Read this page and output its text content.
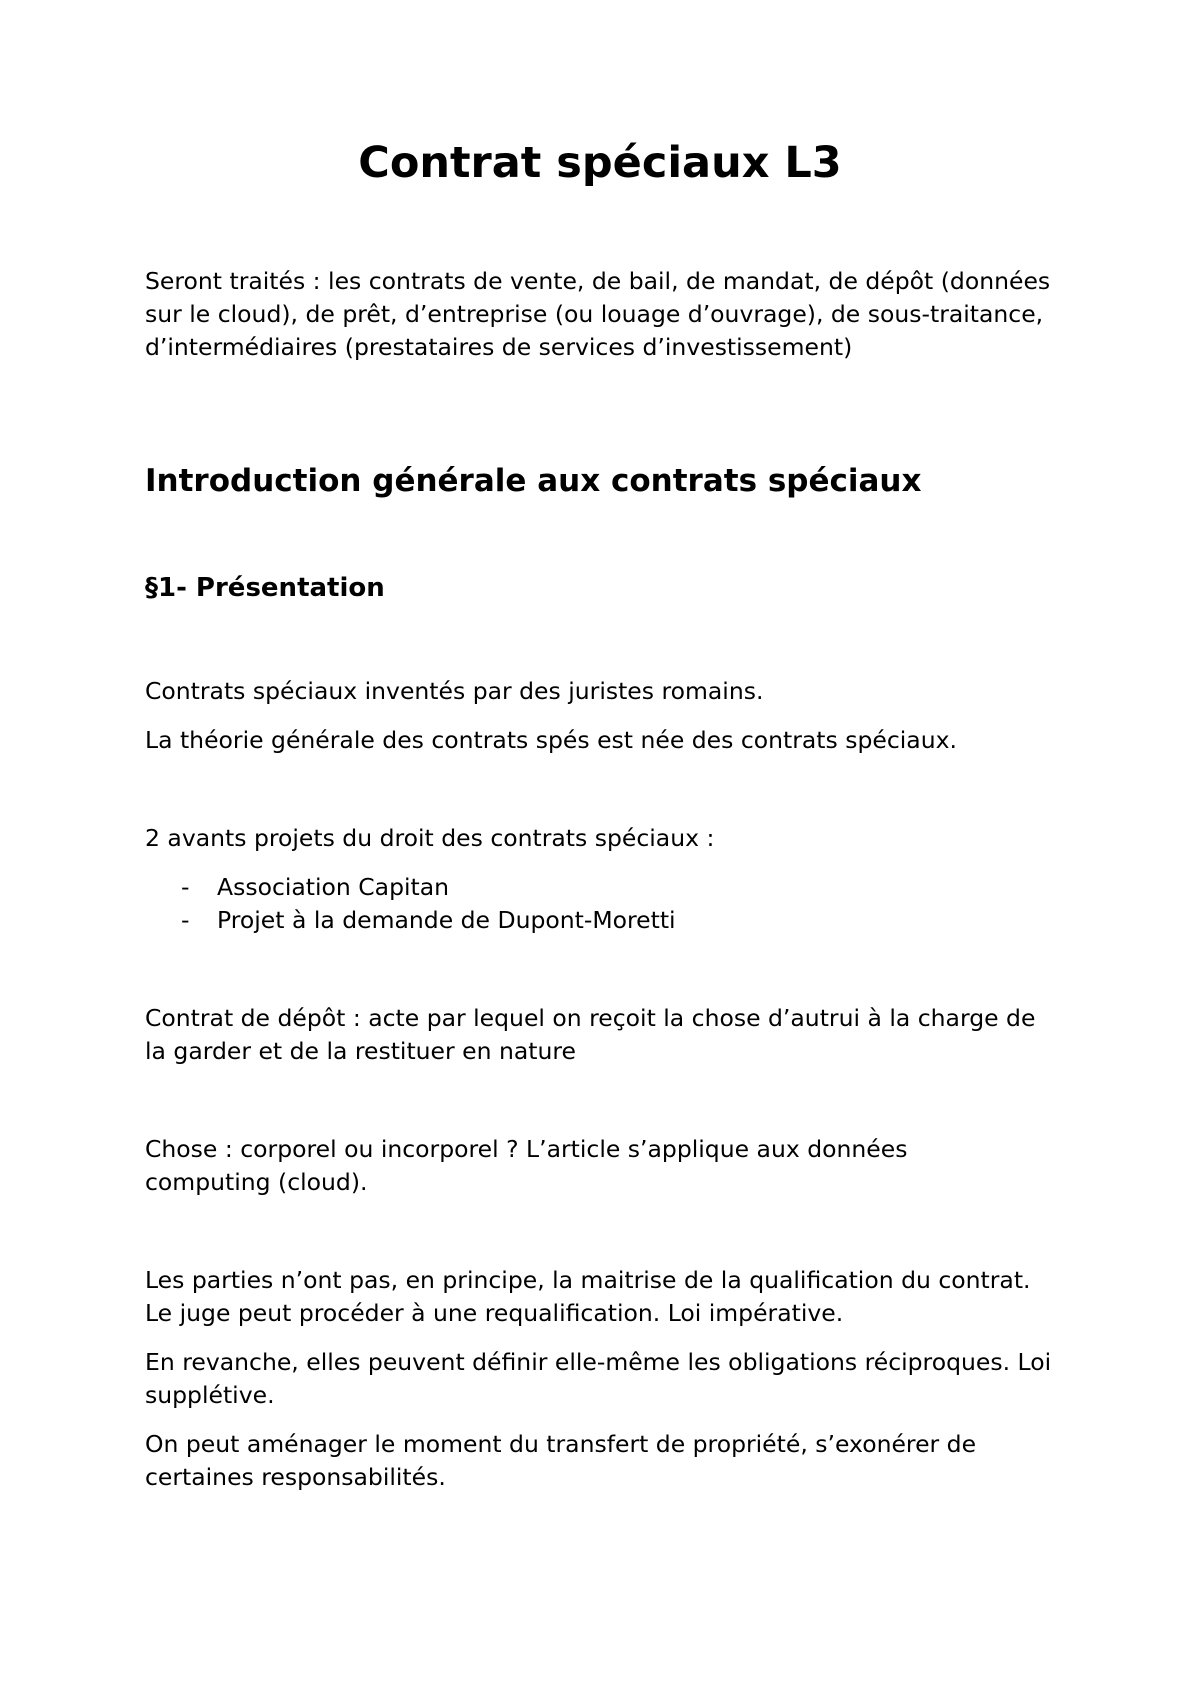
Contrat spéciaux L3

Seront traités : les contrats de vente, de bail, de mandat, de dépôt (données sur le cloud), de prêt, d’entreprise (ou louage d’ouvrage), de sous-traitance, d’intermédiaires (prestataires de services d’investissement)

Introduction générale aux contrats spéciaux
§1- Présentation

Contrats spéciaux inventés par des juristes romains.

La théorie générale des contrats spés est née des contrats spéciaux.

2 avants projets du droit des contrats spéciaux :

-	Association Capitan
-	Projet à la demande de Dupont-Moretti

Contrat de dépôt : acte par lequel on reçoit la chose d’autrui à la charge de la garder et de la restituer en nature

Chose : corporel ou incorporel ? L’article s’applique aux données computing (cloud).

Les parties n’ont pas, en principe, la maitrise de la qualification du contrat. Le juge peut procéder à une requalification. Loi impérative.

En revanche, elles peuvent définir elle-même les obligations réciproques. Loi supplétive.

On peut aménager le moment du transfert de propriété, s’exonérer de certaines responsabilités.
